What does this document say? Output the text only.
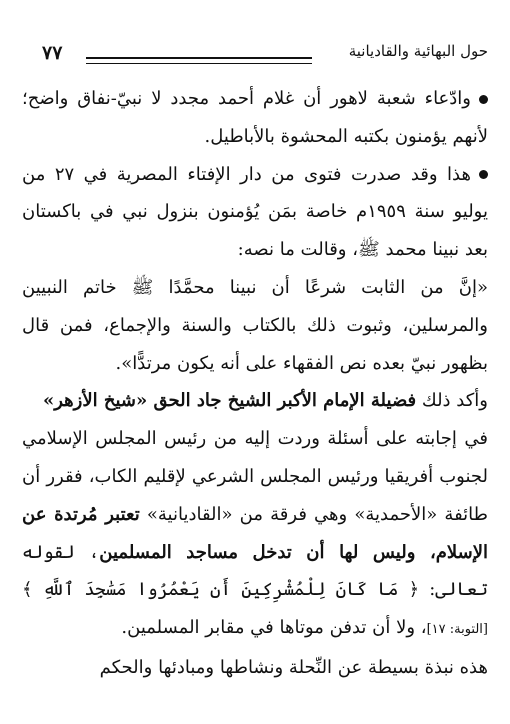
٧٧	حول البهائية والقاديانية

وادّعاء شعبة لاهور أن غلام أحمد مجدد لا نبيّ-نفاق واضح؛ لأنهم يؤمنون بكتبه المحشوة بالأباطيل.

هذا وقد صدرت فتوى من دار الإفتاء المصرية في ٢٧ من يوليو سنة ١٩٥٩م خاصة بمَن يُؤمنون بنزول نبي في باكستان بعد نبينا محمد ﷺ، وقالت ما نصه:

«إنَّ من الثابت شرعًا أن نبينا محمَّدًا ﷺ خاتم النبيين والمرسلين، وثبوت ذلك بالكتاب والسنة والإجماع، فمن قال بظهور نبيّ بعده نص الفقهاء على أنه يكون مرتدًّا».

وأكد ذلك فضيلة الإمام الأكبر الشيخ جاد الحق «شيخ الأزهر»

في إجابته على أسئلة وردت إليه من رئيس المجلس الإسلامي لجنوب أفريقيا ورئيس المجلس الشرعي لإقليم الكاب، فقرر أن طائفة «الأحمدية» وهي فرقة من «القاديانية» تعتبر مُرتدة عن الإسلام، وليس لها أن تدخل مساجد المسلمين، لقوله تعالى: ﴿ مَا كَانَ لِلْمُشْرِكِينَ أَن يَعْمُرُوا مَسَٰجِدَ ٱللَّهِ ﴾ [التوبة: ١٧]، ولا أن تدفن موتاها في مقابر المسلمين.

هذه نبذة بسيطة عن النِّحلة ونشاطها ومبادئها والحكم
